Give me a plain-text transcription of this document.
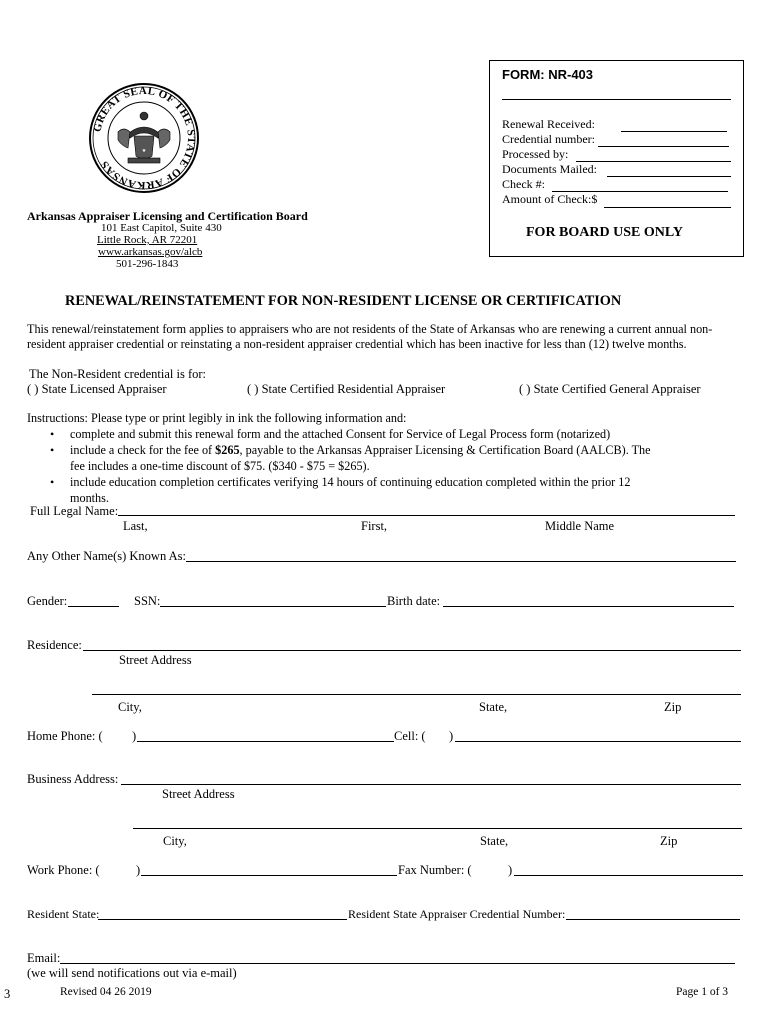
GREAT SEAL OF THE STATE OF ARKANSAS
★
Arkansas Appraiser Licensing and Certification Board
101 East Capitol, Suite 430
Little Rock, AR 72201
www.arkansas.gov/alcb
501-296-1843
FORM: NR-403
Renewal Received:
Credential number:
Processed by:
Documents Mailed:
Check #:
Amount of Check:$
FOR BOARD USE ONLY
RENEWAL/REINSTATEMENT FOR NON-RESIDENT LICENSE OR CERTIFICATION
This renewal/reinstatement form applies to appraisers who are not residents of the State of Arkansas who are renewing a current annual non-
resident appraiser credential or reinstating a non-resident appraiser credential which has been inactive for less than (12) twelve months.
The Non-Resident credential is for:
( ) State Licensed Appraiser	( ) State Certified Residential Appraiser	( ) State Certified General Appraiser
Instructions: Please type or print legibly in ink the following information and:
• complete and submit this renewal form and the attached Consent for Service of Legal Process form (notarized)
• include a check for the fee of $265, payable to the Arkansas Appraiser Licensing & Certification Board (AALCB). The
fee includes a one-time discount of $75. ($340 - $75 = $265).
• include education completion certificates verifying 14 hours of continuing education completed within the prior 12
months.
Full Legal Name:
Last,	First,	Middle Name
Any Other Name(s) Known As:
Gender:	SSN:	Birth date:
Residence:
Street Address
City,	State,	Zip
Home Phone: ( )	Cell: ( )
Business Address:
Street Address
City,	State,	Zip
Work Phone: (	)	Fax Number: (	)
Resident State:	Resident State Appraiser Credential Number:
Email:
(we will send notifications out via e-mail)
3	Revised 04 26 2019	Page 1 of 3
